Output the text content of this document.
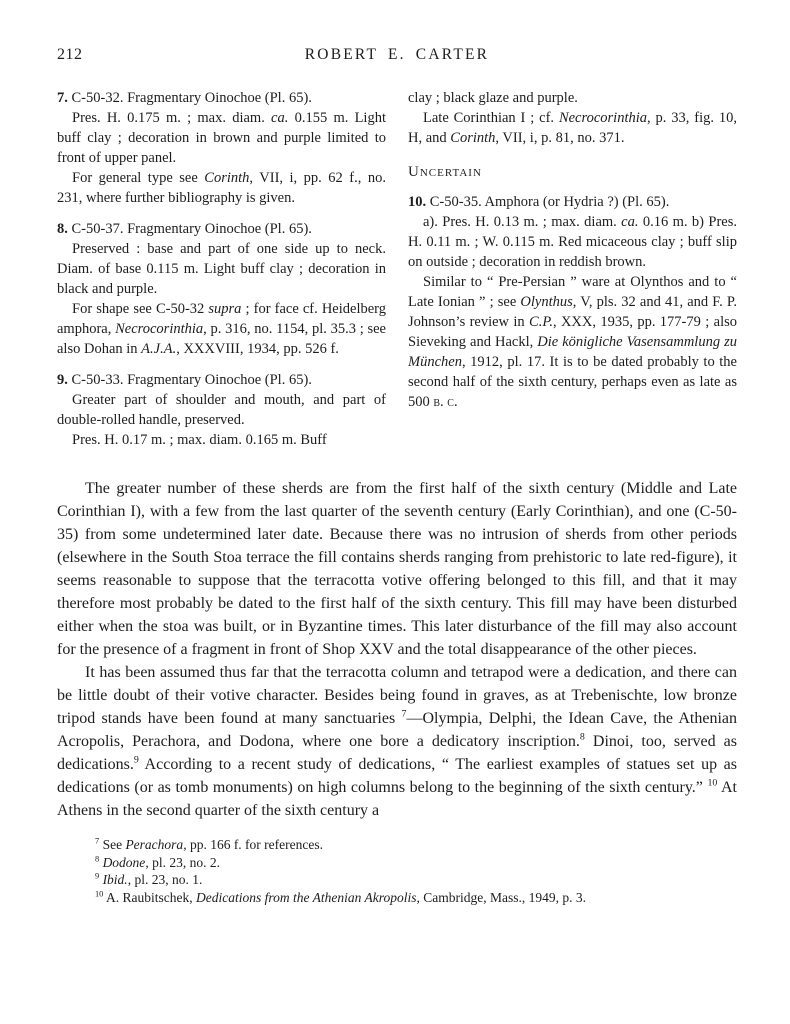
212	ROBERT E. CARTER

7. C-50-32. Fragmentary Oinochoe (Pl. 65).

Pres. H. 0.175 m. ; max. diam. ca. 0.155 m. Light buff clay ; decoration in brown and purple limited to front of upper panel.

For general type see Corinth, VII, i, pp. 62 f., no. 231, where further bibliography is given.

8. C-50-37. Fragmentary Oinochoe (Pl. 65).

Preserved : base and part of one side up to neck. Diam. of base 0.115 m. Light buff clay ; decoration in black and purple.

For shape see C-50-32 supra ; for face cf. Heidelberg amphora, Necrocorinthia, p. 316, no. 1154, pl. 35.3 ; see also Dohan in A.J.A., XXXVIII, 1934, pp. 526 f.

9. C-50-33. Fragmentary Oinochoe (Pl. 65).

Greater part of shoulder and mouth, and part of double-rolled handle, preserved.

Pres. H. 0.17 m. ; max. diam. 0.165 m. Buff

clay ; black glaze and purple.

Late Corinthian I ; cf. Necrocorinthia, p. 33, fig. 10, H, and Corinth, VII, i, p. 81, no. 371.

Uncertain

10. C-50-35. Amphora (or Hydria ?) (Pl. 65).

a). Pres. H. 0.13 m. ; max. diam. ca. 0.16 m. b) Pres. H. 0.11 m. ; W. 0.115 m. Red micaceous clay ; buff slip on outside ; decoration in reddish brown.

Similar to “ Pre-Persian ” ware at Olynthos and to “ Late Ionian ” ; see Olynthus, V, pls. 32 and 41, and F. P. Johnson’s review in C.P., XXX, 1935, pp. 177-79 ; also Sieveking and Hackl, Die königliche Vasensammlung zu München, 1912, pl. 17. It is to be dated probably to the second half of the sixth century, perhaps even as late as 500 b. c.

The greater number of these sherds are from the first half of the sixth century (Middle and Late Corinthian I), with a few from the last quarter of the seventh century (Early Corinthian), and one (C-50-35) from some undetermined later date. Because there was no intrusion of sherds from other periods (elsewhere in the South Stoa terrace the fill contains sherds ranging from prehistoric to late red-figure), it seems reasonable to suppose that the terracotta votive offering belonged to this fill, and that it may therefore most probably be dated to the first half of the sixth century. This fill may have been disturbed either when the stoa was built, or in Byzantine times. This later disturbance of the fill may also account for the presence of a fragment in front of Shop XXV and the total disappearance of the other pieces.

It has been assumed thus far that the terracotta column and tetrapod were a dedication, and there can be little doubt of their votive character. Besides being found in graves, as at Trebenischte, low bronze tripod stands have been found at many sanctuaries $^7$—Olympia, Delphi, the Idean Cave, the Athenian Acropolis, Perachora, and Dodona, where one bore a dedicatory inscription.$^8$ Dinoi, too, served as dedications.$^9$ According to a recent study of dedications, “ The earliest examples of statues set up as dedications (or as tomb monuments) on high columns belong to the beginning of the sixth century.” $^{10}$ At Athens in the second quarter of the sixth century a

$^7$ See Perachora, pp. 166 f. for references.

$^8$ Dodone, pl. 23, no. 2.

$^9$ Ibid., pl. 23, no. 1.

$^{10}$ A. Raubitschek, Dedications from the Athenian Akropolis, Cambridge, Mass., 1949, p. 3.
